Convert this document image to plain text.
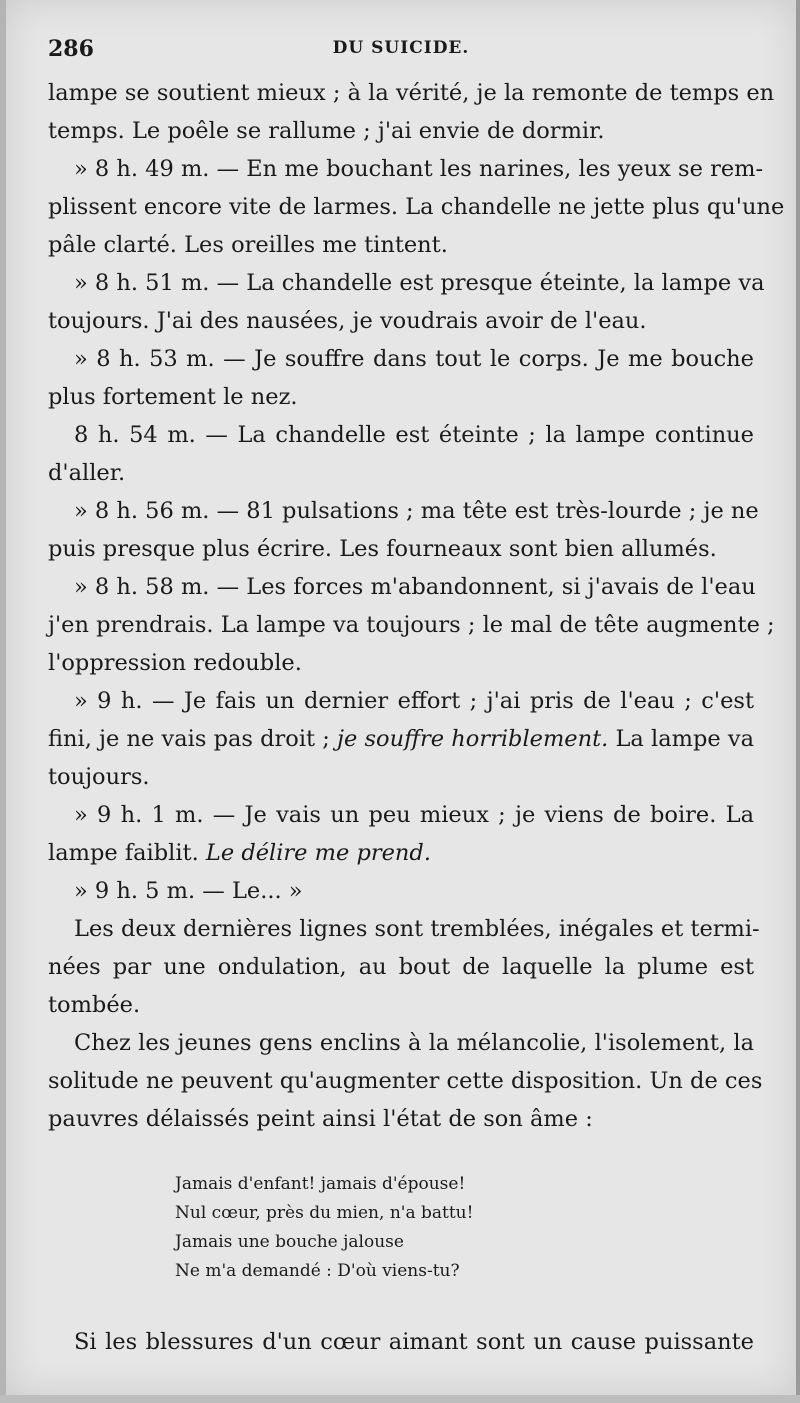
286	DU SUICIDE.
lampe se soutient mieux ; à la vérité, je la remonte de temps en
temps. Le poêle se rallume ; j'ai envie de dormir.
» 8 h. 49 m. — En me bouchant les narines, les yeux se rem-
plissent encore vite de larmes. La chandelle ne jette plus qu'une
pâle clarté. Les oreilles me tintent.
» 8 h. 51 m. — La chandelle est presque éteinte, la lampe va
toujours. J'ai des nausées, je voudrais avoir de l'eau.
» 8 h. 53 m. — Je souffre dans tout le corps. Je me bouche
plus fortement le nez.
8 h. 54 m. — La chandelle est éteinte ; la lampe continue
d'aller.
» 8 h. 56 m. — 81 pulsations ; ma tête est très-lourde ; je ne
puis presque plus écrire. Les fourneaux sont bien allumés.
» 8 h. 58 m. — Les forces m'abandonnent, si j'avais de l'eau
j'en prendrais. La lampe va toujours ; le mal de tête augmente ;
l'oppression redouble.
» 9 h. — Je fais un dernier effort ; j'ai pris de l'eau ; c'est
fini, je ne vais pas droit ; je souffre horriblement. La lampe va
toujours.
» 9 h. 1 m. — Je vais un peu mieux ; je viens de boire. La
lampe faiblit. Le délire me prend.
» 9 h. 5 m. — Le... »
Les deux dernières lignes sont tremblées, inégales et termi-
nées par une ondulation, au bout de laquelle la plume est
tombée.
Chez les jeunes gens enclins à la mélancolie, l'isolement, la
solitude ne peuvent qu'augmenter cette disposition. Un de ces
pauvres délaissés peint ainsi l'état de son âme :
Jamais d'enfant! jamais d'épouse!
Nul cœur, près du mien, n'a battu!
Jamais une bouche jalouse
Ne m'a demandé : D'où viens-tu?
Si les blessures d'un cœur aimant sont un cause puissante
